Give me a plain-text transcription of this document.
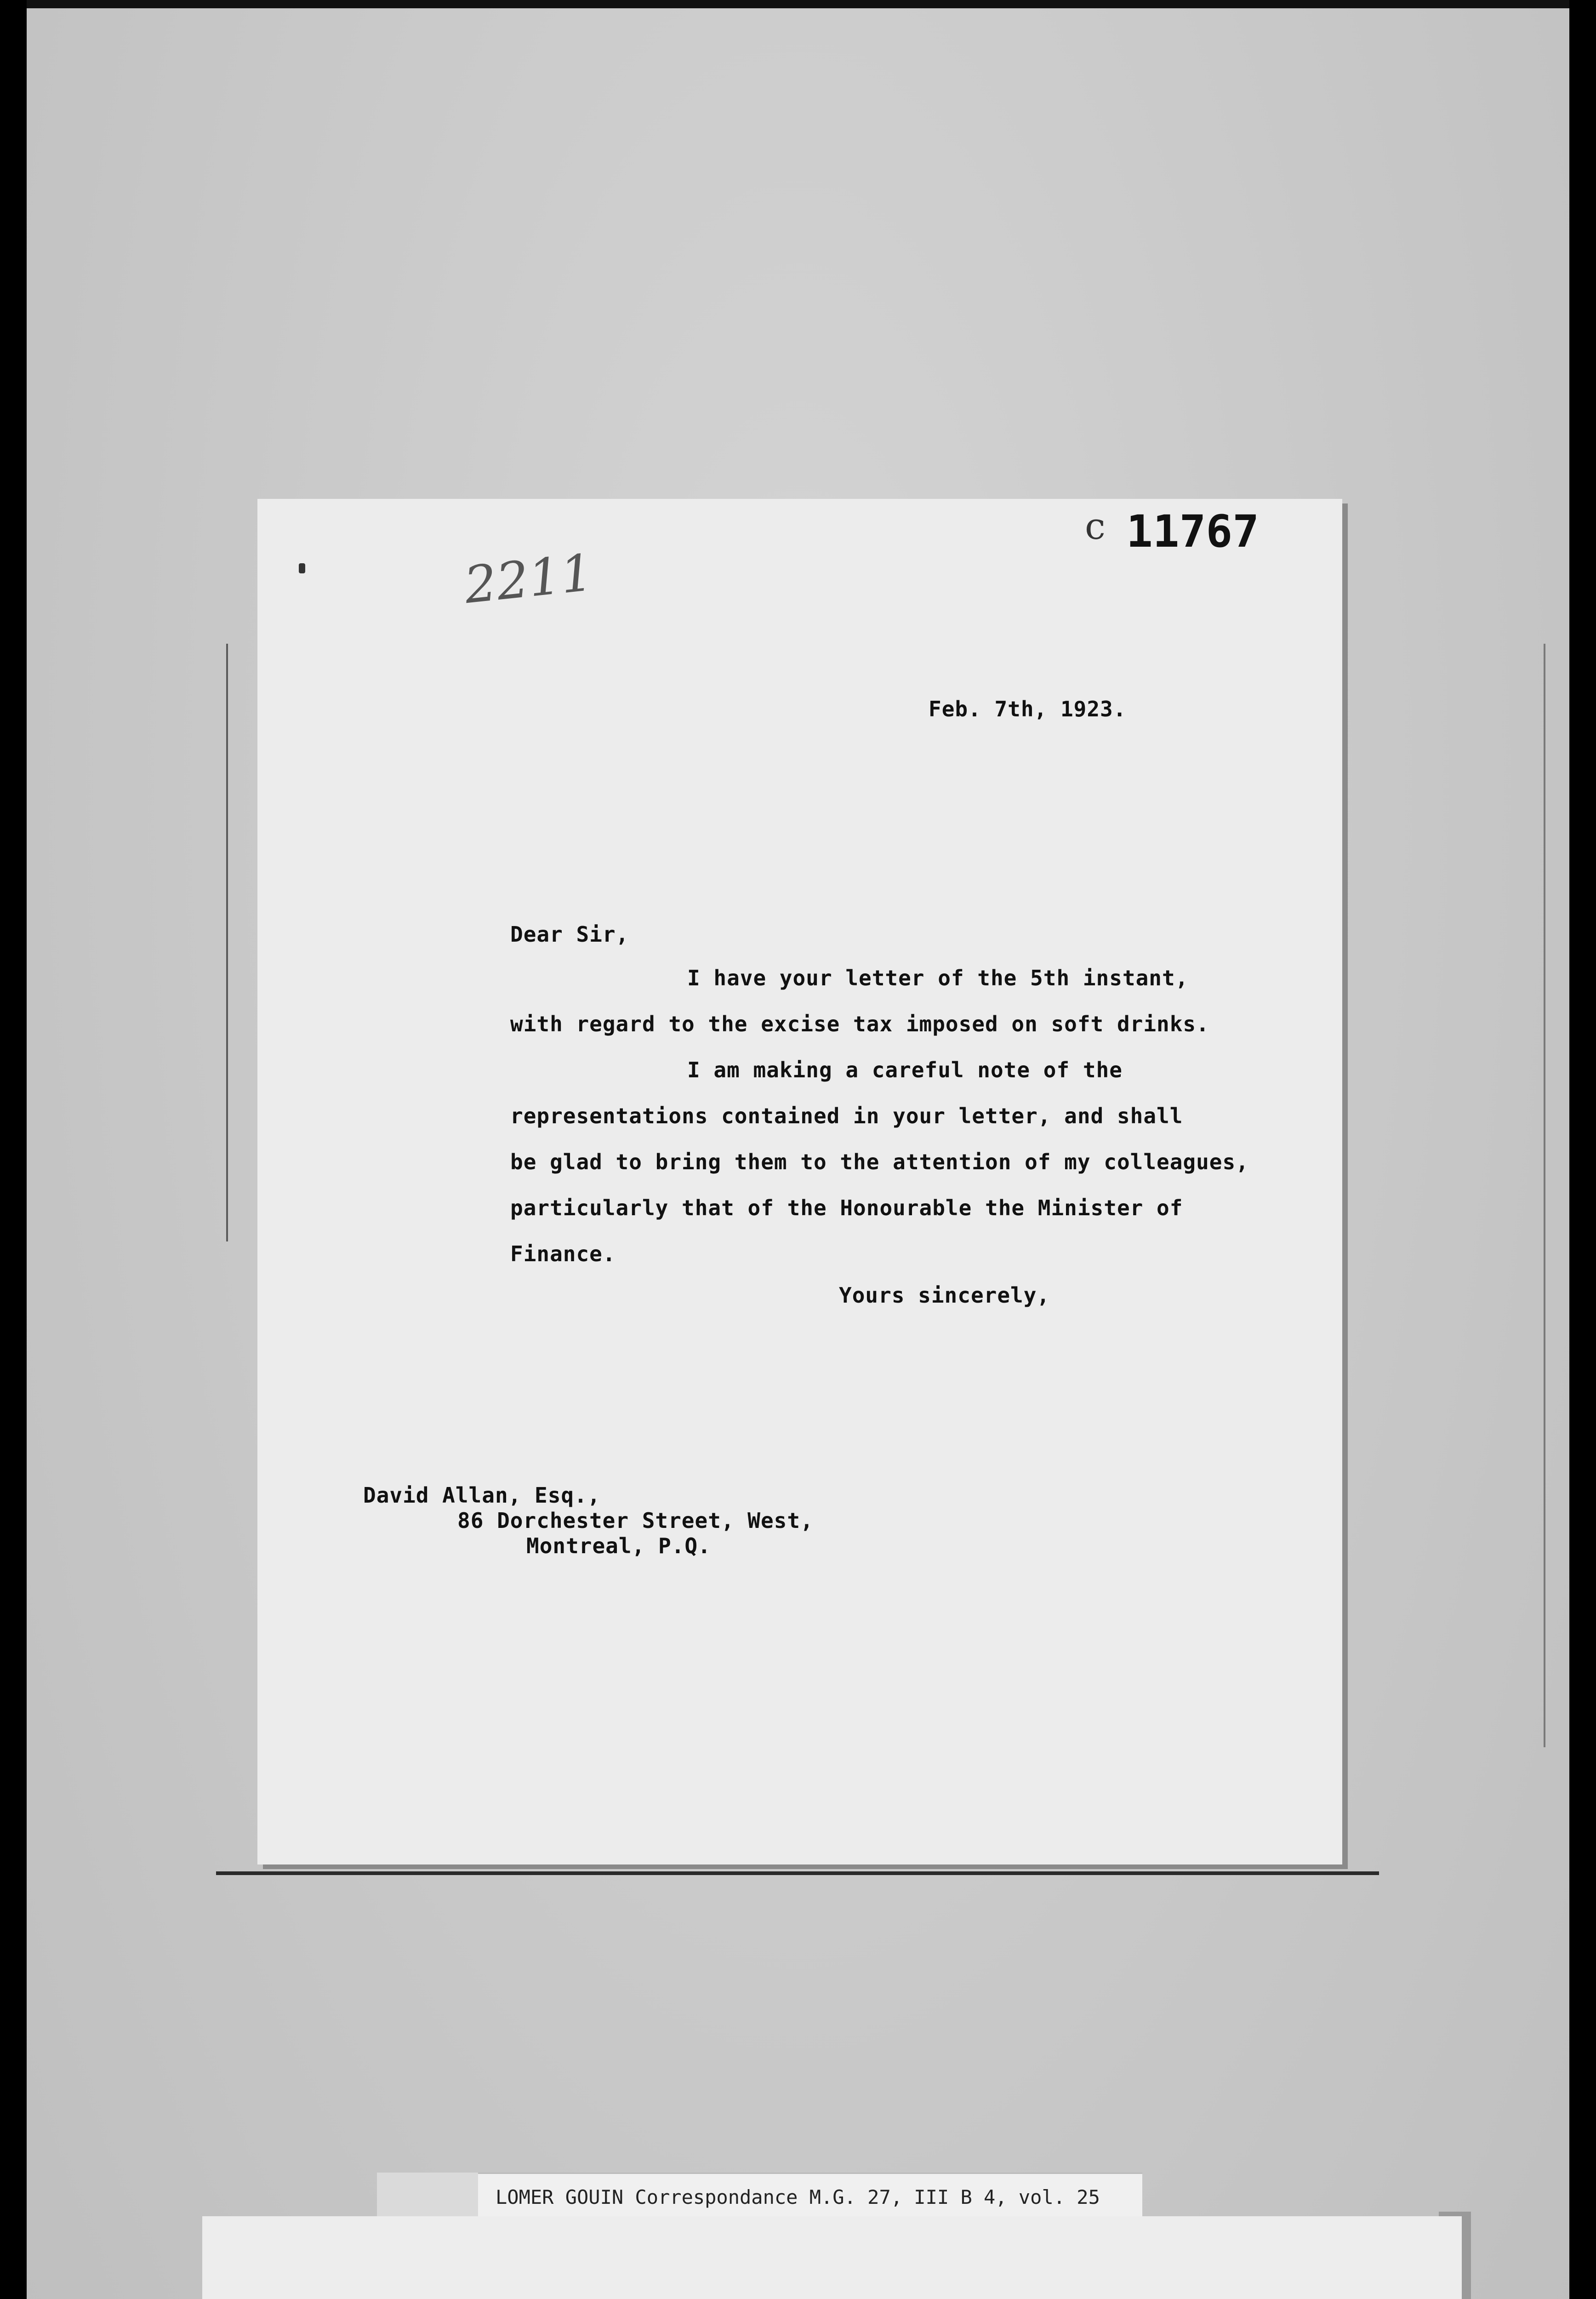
c 11767
2211
Feb. 7th, 1923.
Dear Sir,
I have your letter of the 5th instant,
with regard to the excise tax imposed on soft drinks.
I am making a careful note of the
representations contained in your letter, and shall
be glad to bring them to the attention of my colleagues,
particularly that of the Honourable the Minister of
Finance.
Yours sincerely,
David Allan, Esq.,
86 Dorchester Street, West,
Montreal, P.Q.
LOMER GOUIN Correspondance M.G. 27, III B 4, vol. 25
